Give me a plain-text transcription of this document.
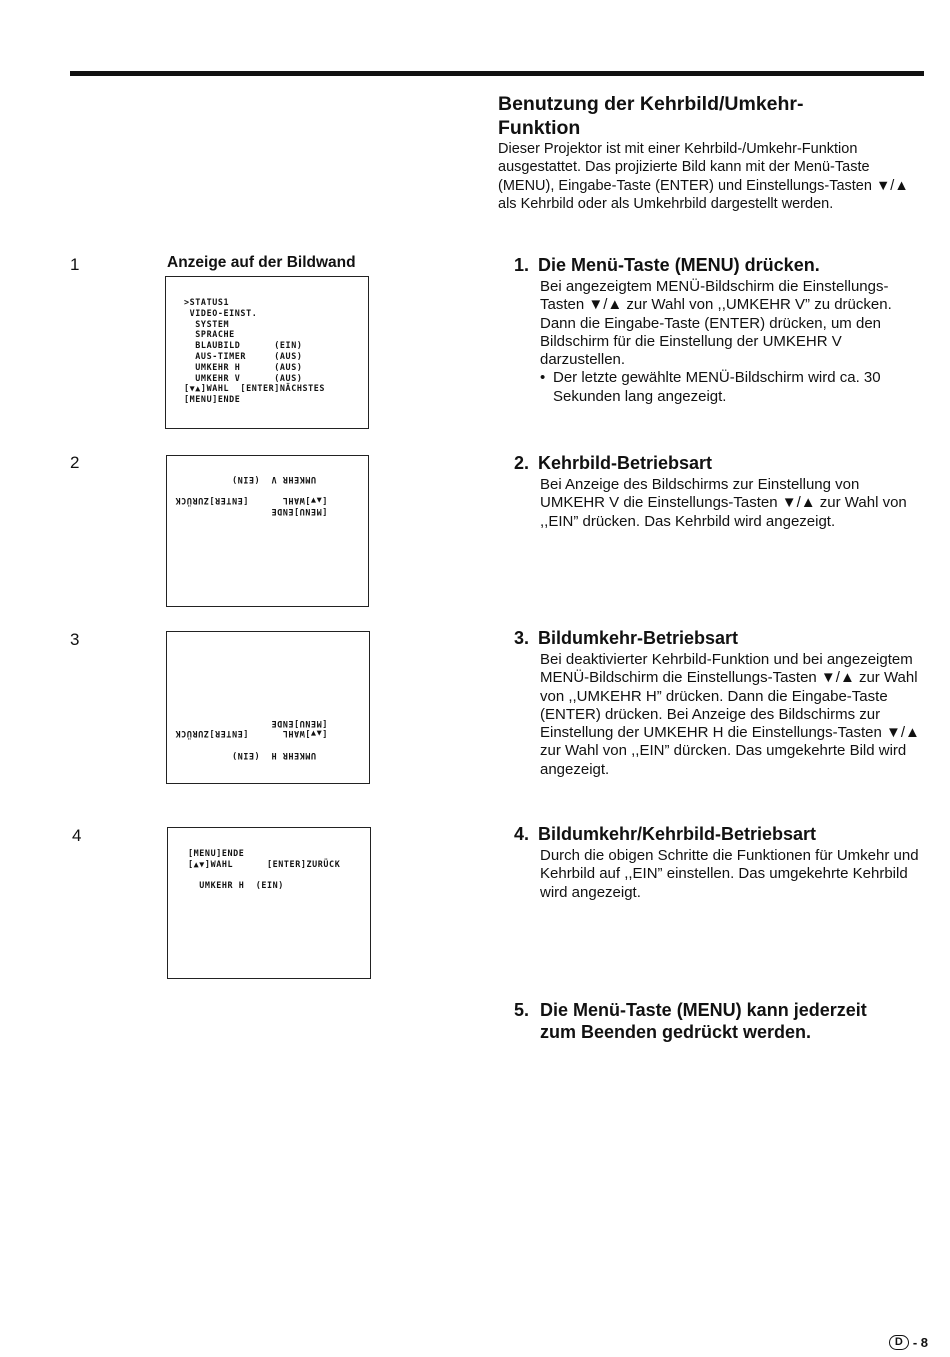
Benutzung der Kehrbild/Umkehr-Funktion

Dieser Projektor ist mit einer Kehrbild-/Umkehr-Funktion ausgestattet. Das projizierte Bild kann mit der Menü-Taste (MENU), Eingabe-Taste (ENTER) und Einstellungs-Tasten ▼/▲ als Kehrbild oder als Umkehrbild dargestellt werden.

1
2
3
4
Anzeige auf der Bildwand
>STATUS1
VIDEO-EINST.
SYSTEM
SPRACHE
BLAUBILD      (EIN)
AUS-TIMER     (AUS)
UMKEHR H      (AUS)
UMKEHR V      (AUS)
[▼▲]WAHL  [ENTER]NÄCHSTES
[MENU]ENDE
[MENU]ENDE
[▲▼]WAHL      [ENTER]ZURÜCK

UMKEHR V  (EIN)
UMKEHR H  (EIN)

[▲▼]WAHL      [ENTER]ZURÜCK
[MENU]ENDE
[MENU]ENDE
[▲▼]WAHL      [ENTER]ZURÜCK

UMKEHR H  (EIN)
1. Die Menü-Taste (MENU) drücken.
Bei angezeigtem MENÜ-Bildschirm die Einstellungs-Tasten ▼/▲ zur Wahl von ,,UMKEHR V” zu drücken. Dann die Eingabe-Taste (ENTER) drücken, um den Bildschirm für die Einstellung der UMKEHR V darzustellen.
• Der letzte gewählte MENÜ-Bildschirm wird ca. 30 Sekunden lang angezeigt.
2. Kehrbild-Betriebsart
Bei Anzeige des Bildschirms zur Einstellung von UMKEHR V die Einstellungs-Tasten ▼/▲ zur Wahl von ,,EIN” drücken. Das Kehrbild wird angezeigt.
3. Bildumkehr-Betriebsart
Bei deaktivierter Kehrbild-Funktion und bei angezeigtem MENÜ-Bildschirm die Einstellungs-Tasten ▼/▲ zur Wahl von ,,UMKEHR H” drücken. Dann die Eingabe-Taste (ENTER) drücken. Bei Anzeige des Bildschirms zur Einstellung der UMKEHR H die Einstellungs-Tasten ▼/▲ zur Wahl von ,,EIN” dürcken. Das umgekehrte Bild wird angezeigt.
4. Bildumkehr/Kehrbild-Betriebsart
Durch die obigen Schritte die Funktionen für Umkehr und Kehrbild auf ,,EIN” einstellen. Das umgekehrte Kehrbild wird angezeigt.
5. Die Menü-Taste (MENU) kann jederzeit
zum Beenden gedrückt werden.
D - 8
